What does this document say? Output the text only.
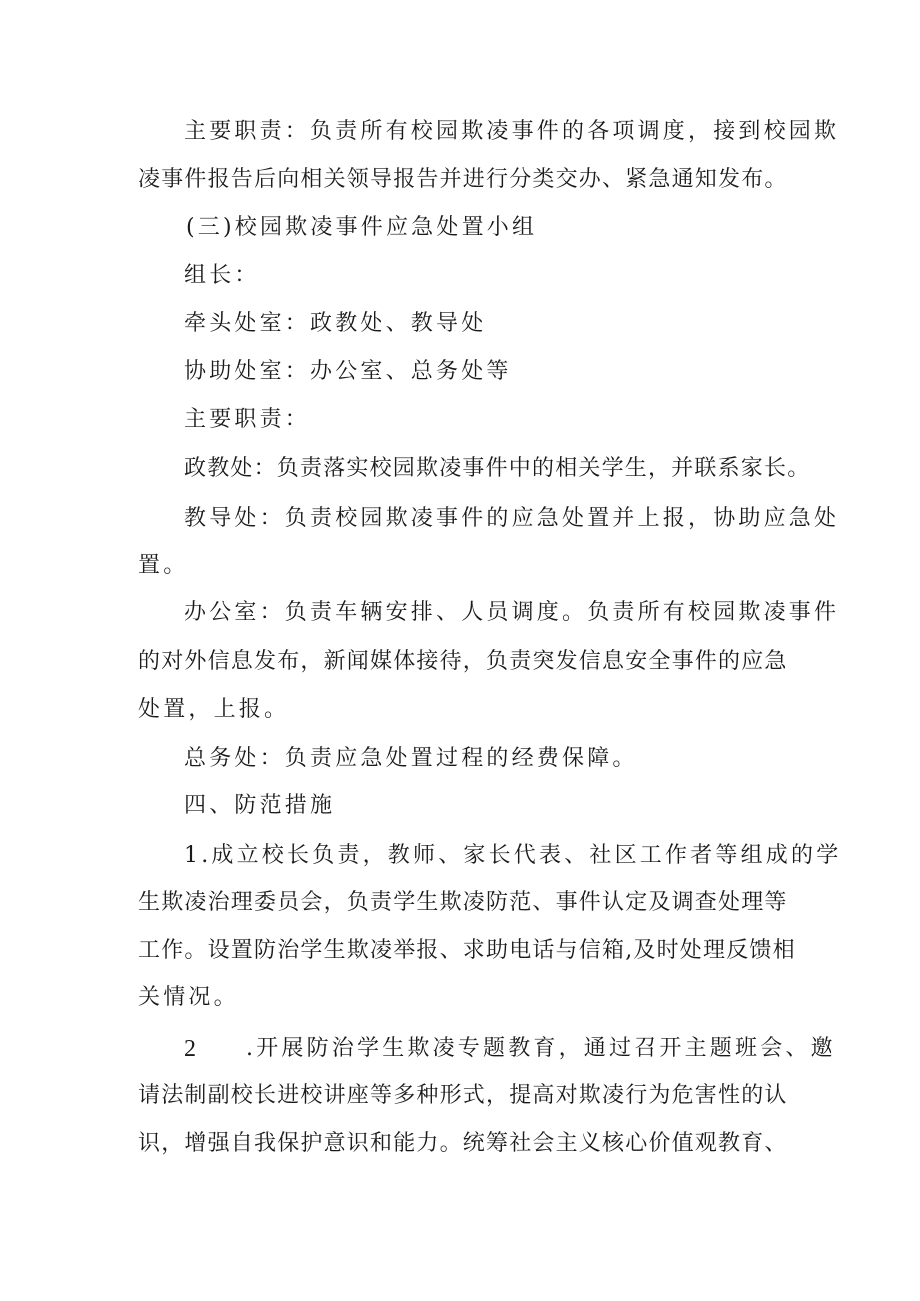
主要职责：负责所有校园欺凌事件的各项调度，接到校园欺
凌事件报告后向相关领导报告并进行分类交办、紧急通知发布。
(三)校园欺凌事件应急处置小组
组长：
牵头处室：政教处、教导处
协助处室：办公室、总务处等
主要职责：
政教处：负责落实校园欺凌事件中的相关学生，并联系家长。
教导处：负责校园欺凌事件的应急处置并上报，协助应急处
置。
办公室：负责车辆安排、人员调度。负责所有校园欺凌事件
的对外信息发布，新闻媒体接待，负责突发信息安全事件的应急
处置，上报。
总务处：负责应急处置过程的经费保障。
四、防范措施
1.成立校长负责，教师、家长代表、社区工作者等组成的学
生欺凌治理委员会，负责学生欺凌防范、事件认定及调查处理等
工作。设置防治学生欺凌举报、求助电话与信箱,及时处理反馈相
关情况。
2 .开展防治学生欺凌专题教育，通过召开主题班会、邀
请法制副校长进校讲座等多种形式，提高对欺凌行为危害性的认
识，增强自我保护意识和能力。统筹社会主义核心价值观教育、
